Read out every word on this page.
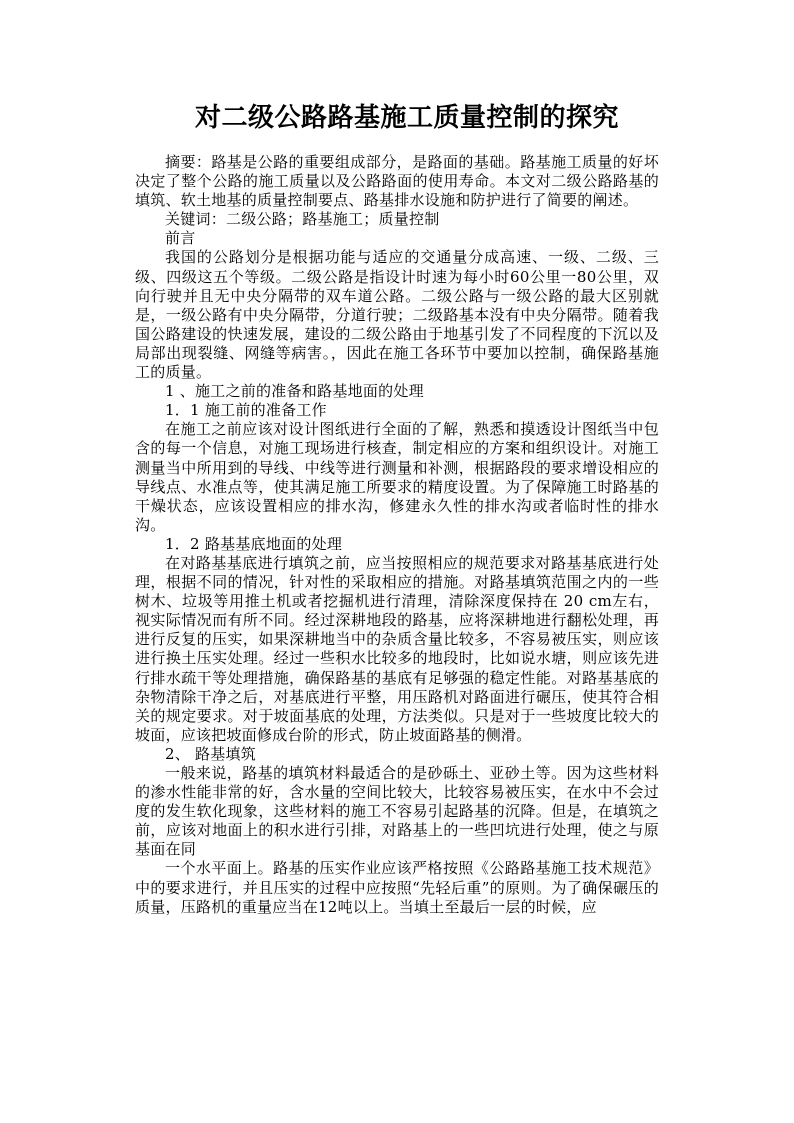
对二级公路路基施工质量控制的探究

摘要：路基是公路的重要组成部分，是路面的基础。路基施工质量的好坏决定了整个公路的施工质量以及公路路面的使用寿命。本文对二级公路路基的填筑、软土地基的质量控制要点、路基排水设施和防护进行了简要的阐述。

关键词：二级公路；路基施工；质量控制

前言

我国的公路划分是根据功能与适应的交通量分成高速、一级、二级、三级、四级这五个等级。二级公路是指设计时速为每小时60公里一80公里，双向行驶并且无中央分隔带的双车道公路。二级公路与一级公路的最大区别就是，一级公路有中央分隔带，分道行驶；二级路基本没有中央分隔带。随着我国公路建设的快速发展，建设的二级公路由于地基引发了不同程度的下沉以及局部出现裂缝、网缝等病害。，因此在施工各环节中要加以控制，确保路基施工的质量。

1 、施工之前的准备和路基地面的处理

1．1 施工前的准备工作

在施工之前应该对设计图纸进行全面的了解，熟悉和摸透设计图纸当中包含的每一个信息，对施工现场进行核查，制定相应的方案和组织设计。对施工测量当中所用到的导线、中线等进行测量和补测，根据路段的要求增设相应的导线点、水准点等，使其满足施工所要求的精度设置。为了保障施工时路基的干燥状态，应该设置相应的排水沟，修建永久性的排水沟或者临时性的排水沟。

1．2 路基基底地面的处理

在对路基基底进行填筑之前，应当按照相应的规范要求对路基基底进行处理，根据不同的情况，针对性的采取相应的措施。对路基填筑范围之内的一些树木、垃圾等用推土机或者挖掘机进行清理，清除深度保持在 20 cm左右，视实际情况而有所不同。经过深耕地段的路基，应将深耕地进行翻松处理，再进行反复的压实，如果深耕地当中的杂质含量比较多，不容易被压实，则应该进行换土压实处理。经过一些积水比较多的地段时，比如说水塘，则应该先进行排水疏干等处理措施，确保路基的基底有足够强的稳定性能。对路基基底的杂物清除干净之后，对基底进行平整，用压路机对路面进行碾压，使其符合相关的规定要求。对于坡面基底的处理，方法类似。只是对于一些坡度比较大的坡面，应该把坡面修成台阶的形式，防止坡面路基的侧滑。

2、 路基填筑

一般来说，路基的填筑材料最适合的是砂砾土、亚砂土等。因为这些材料的渗水性能非常的好，含水量的空间比较大，比较容易被压实，在水中不会过度的发生软化现象，这些材料的施工不容易引起路基的沉降。但是，在填筑之前，应该对地面上的积水进行引排，对路基上的一些凹坑进行处理，使之与原基面在同

一个水平面上。路基的压实作业应该严格按照《公路路基施工技术规范》中的要求进行，并且压实的过程中应按照“先轻后重”的原则。为了确保碾压的质量，压路机的重量应当在12吨以上。当填土至最后一层的时候，应
